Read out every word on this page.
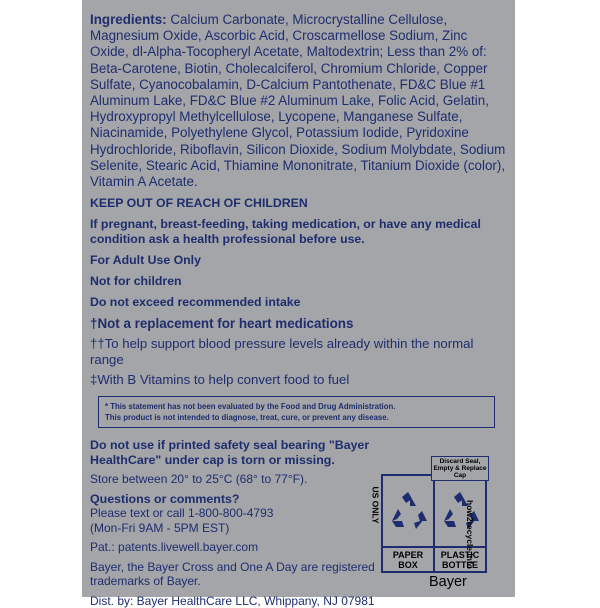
Ingredients: Calcium Carbonate, Microcrystalline Cellulose, Magnesium Oxide, Ascorbic Acid, Croscarmellose Sodium, Zinc Oxide, dl-Alpha-Tocopheryl Acetate, Maltodextrin; Less than 2% of: Beta-Carotene, Biotin, Cholecalciferol, Chromium Chloride, Copper Sulfate, Cyanocobalamin, D-Calcium Pantothenate, FD&C Blue #1 Aluminum Lake, FD&C Blue #2 Aluminum Lake, Folic Acid, Gelatin, Hydroxypropyl Methylcellulose, Lycopene, Manganese Sulfate, Niacinamide, Polyethylene Glycol, Potassium Iodide, Pyridoxine Hydrochloride, Riboflavin, Silicon Dioxide, Sodium Molybdate, Sodium Selenite, Stearic Acid, Thiamine Mononitrate, Titanium Dioxide (color), Vitamin A Acetate.

KEEP OUT OF REACH OF CHILDREN

If pregnant, breast-feeding, taking medication, or have any medical condition ask a health professional before use.

For Adult Use Only

Not for children

Do not exceed recommended intake

†Not a replacement for heart medications

††To help support blood pressure levels already within the normal range

‡With B Vitamins to help convert food to fuel

* This statement has not been evaluated by the Food and Drug Administration.
This product is not intended to diagnose, treat, cure, or prevent any disease.

Do not use if printed safety seal bearing "Bayer HealthCare" under cap is torn or missing.

Store between 20° to 25°C (68° to 77°F).

Questions or comments?

Please text or call 1-800-800-4793

(Mon-Fri 9AM - 5PM EST)

Pat.: patents.livewell.bayer.com

Bayer, the Bayer Cross and One A Day are registered trademarks of Bayer.

Dist. by: Bayer HealthCare LLC, Whippany, NJ 07981

PAPER
BOX
PLASTIC
BOTTLE
Discard Seal, Empty & Replace Cap
US ONLY	how2recycle.info
Bayer
